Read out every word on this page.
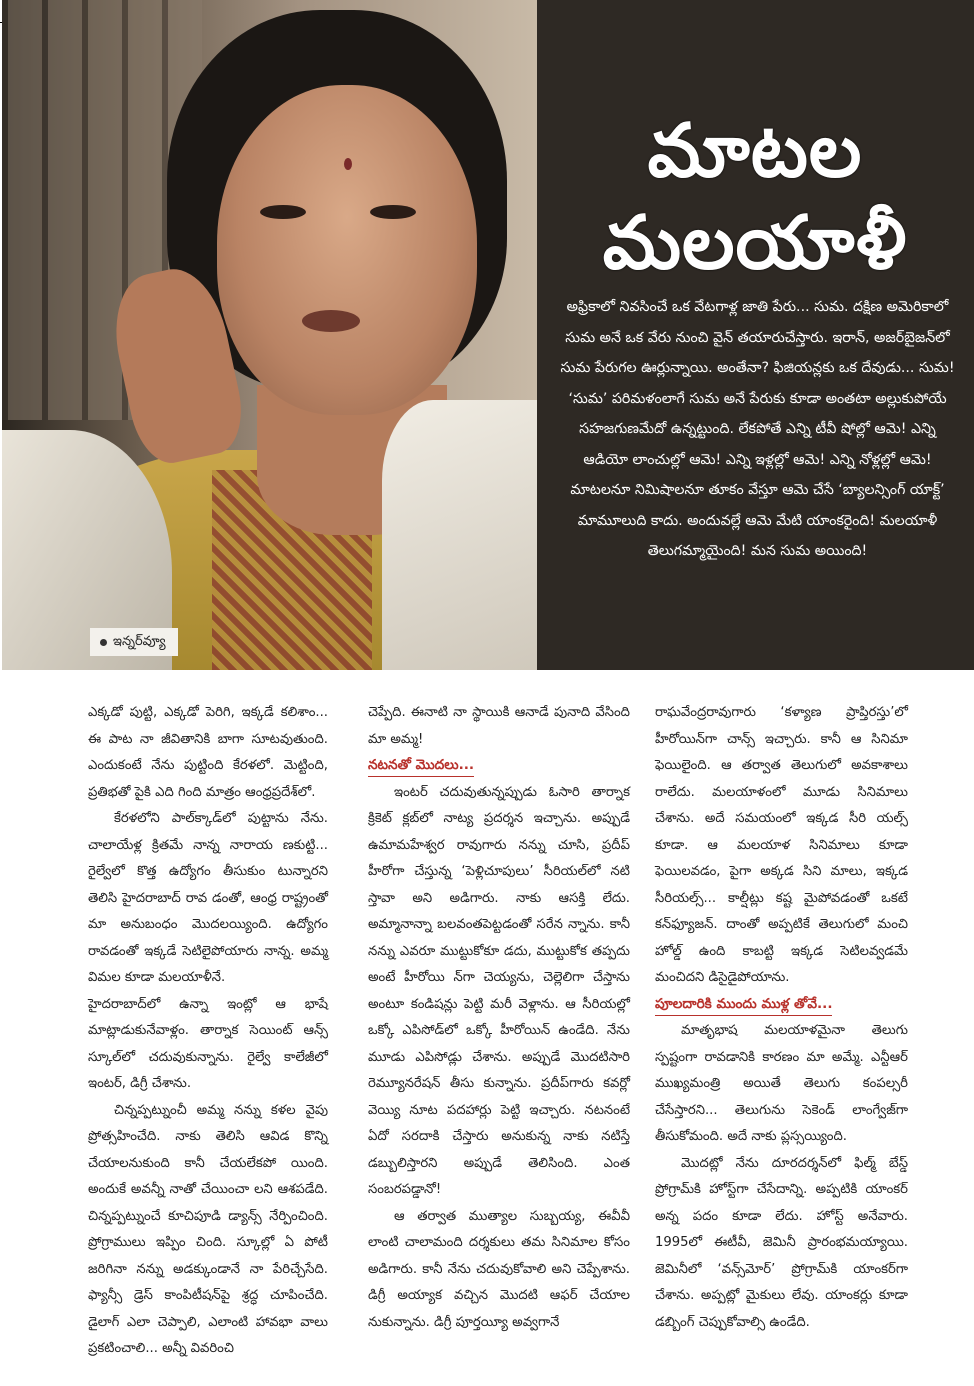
ఇన్నర్‌వ్యూ
మాటల
మలయాళీ

అఫ్రికాలో నివసించే ఒక వేటగాళ్ల జాతి పేరు... సుమ. దక్షిణ అమెరికాలో సుమ అనే ఒక వేరు నుంచి వైన్ తయారుచేస్తారు. ఇరాన్, అజర్‌బైజన్‌లో సుమ పేరుగల ఊర్లున్నాయి. అంతేనా? ఫిజియన్లకు ఒక దేవుడు... సుమ!

‘సుమ’ పరిమళంలాగే సుమ అనే పేరుకు కూడా అంతటా అల్లుకుపోయే సహజగుణమేదో ఉన్నట్టుంది. లేకపోతే ఎన్ని టీవీ షోల్లో ఆమె! ఎన్ని ఆడియో లాంచుల్లో ఆమె! ఎన్ని ఇళ్లల్లో ఆమె! ఎన్ని నోళ్లల్లో ఆమె! మాటలనూ నిమిషాలనూ తూకం వేస్తూ ఆమె చేసే ‘బ్యాలన్సింగ్ యాక్ట్’ మామూలుది కాదు. అందువల్లే ఆమె మేటి యాంకరైంది! మలయాళీ తెలుగమ్మాయైంది! మన సుమ అయింది!

ఎక్కడో పుట్టి, ఎక్కడో పెరిగి, ఇక్కడే కలిశాం... ఈ పాట నా జీవితానికి బాగా సూటవుతుంది. ఎందుకంటే నేను పుట్టింది కేరళలో. మెట్టింది, ప్రతిభతో పైకి ఎది గింది మాత్రం ఆంధ్రప్రదేశ్‌లో.

కేరళలోని పాల్‌క్కాడ్‌లో పుట్టాను నేను. చాలాయేళ్ల క్రితమే నాన్న నారాయ ణకుట్టి... రైల్వేలో కొత్త ఉద్యోగం తీసుకుం టున్నారని తెలిసి హైదరాబాద్ రావ డంతో, ఆంధ్ర రాష్ట్రంతో మా అనుబంధం మొదలయ్యింది. ఉద్యోగం రావడంతో ఇక్కడే సెటిలైపోయారు నాన్న. అమ్మ విమల కూడా మలయాళీనే.

హైదరాబాద్‌లో ఉన్నా ఇంట్లో ఆ భాషే మాట్లాడుకునేవాళ్లం. తార్నాక సెయింట్ ఆన్స్ స్కూల్‌లో చదువుకున్నాను. రైల్వే కాలేజీలో ఇంటర్, డిగ్రీ చేశాను.

చిన్నప్పట్నుంచీ అమ్మ నన్ను కళల వైపు ప్రోత్సహించేది. నాకు తెలిసి ఆవిడ కొన్ని చేయాలనుకుంది కానీ చేయలేకపో యింది. అందుకే అవన్నీ నాతో చేయించా లని ఆశపడేది. చిన్నప్పట్నుంచే కూచిపూడి డ్యాన్స్ నేర్పించింది. ప్రోగ్రాములు ఇప్పిం చింది. స్కూల్లో ఏ పోటీ జరిగినా నన్ను అడక్కుండానే నా పేరిచ్చేసేది. ఫ్యాన్సీ డ్రెస్ కాంపిటీషన్‌పై శ్రద్ధ చూపించేది. డైలాగ్ ఎలా చెప్పాలి, ఎలాంటి హావభా వాలు ప్రకటించాలి... అన్నీ వివరించి

చెప్పేది. ఈనాటి నా స్థాయికి ఆనాడే పునాది వేసింది మా అమ్మ!

నటనతో మొదలు...

ఇంటర్ చదువుతున్నప్పుడు ఓసారి తార్నాక క్రికెట్ క్లబ్‌లో నాట్య ప్రదర్శన ఇచ్చాను. అప్పుడే ఉమామహేశ్వర రావుగారు నన్ను చూసి, ప్రదీప్ హీరోగా చేస్తున్న ‘పెళ్లిచూపులు’ సీరియల్‌లో నటి స్తావా అని అడిగారు. నాకు ఆసక్తి లేదు. అమ్మానాన్నా బలవంతపెట్టడంతో సరేన న్నాను. కానీ నన్ను ఎవరూ ముట్టుకోకూ డదు, ముట్టుకోక తప్పదు అంటే హీరోయి న్‌గా చెయ్యను, చెల్లెలిగా చేస్తాను అంటూ కండిషన్లు పెట్టి మరీ వెళ్లాను. ఆ సీరియల్లో ఒక్కో ఎపిసోడ్‌లో ఒక్కో హీరోయిన్ ఉండేది. నేను మూడు ఎపిసోడ్లు చేశాను. అప్పుడే మొదటిసారి రెమ్యూనరేషన్ తీసు కున్నాను. ప్రదీప్‌గారు కవర్లో వెయ్యి నూట పదహార్లు పెట్టి ఇచ్చారు. నటనంటే ఏదో సరదాకి చేస్తారు అనుకున్న నాకు నటిస్తే డబ్బులిస్తారని అప్పుడే తెలిసింది. ఎంత సంబరపడ్డానో!

ఆ తర్వాత ముత్యాల సుబ్బయ్య, ఈవీవీ లాంటి చాలామంది దర్శకులు తమ సినిమాల కోసం అడిగారు. కానీ నేను చదువుకోవాలి అని చెప్పేశాను. డిగ్రీ అయ్యాక వచ్చిన మొదటి ఆఫర్ చేయాల నుకున్నాను. డిగ్రీ పూర్తయ్యీ అవ్వగానే

రాఘవేంద్రరావుగారు ‘కళ్యాణ ప్రాప్తిరస్తు’లో హీరోయిన్‌గా చాన్స్ ఇచ్చారు. కానీ ఆ సినిమా ఫెయిలైంది. ఆ తర్వాత తెలుగులో అవకాశాలు రాలేదు. మలయాళంలో మూడు సినిమాలు చేశాను. అదే సమయంలో ఇక్కడ సీరి యల్స్ కూడా. ఆ మలయాళ సినిమాలు కూడా ఫెయిలవడం, పైగా అక్కడ సిని మాలు, ఇక్కడ సీరియల్స్... కాల్షీట్లు కష్ట మైపోవడంతో ఒకటే కన్‌ఫ్యూజన్. దాంతో అప్పటికే తెలుగులో మంచి హోల్డ్ ఉంది కాబట్టి ఇక్కడ సెటిలవ్వడమే మంచిదని డిసైడైపోయాను.

పూలదారికి ముందు ముళ్ల తోవే...

మాతృభాష మలయాళమైనా తెలుగు స్పష్టంగా రావడానికి కారణం మా అమ్మే. ఎన్టీఆర్ ముఖ్యమంత్రి అయితే తెలుగు కంపల్సరీ చేసేస్తారని... తెలుగును సెకెండ్ లాంగ్వేజ్‌గా తీసుకోమంది. అదే నాకు ప్లస్సయ్యింది.

మొదట్లో నేను దూరదర్శన్‌లో ఫిల్మ్ బేస్డ్ ప్రోగ్రామ్‌కి హోస్ట్‌గా చేసేదాన్ని. అప్పటికి యాంకర్ అన్న పదం కూడా లేదు. హోస్ట్ అనేవారు. 1995లో ఈటీవీ, జెమినీ ప్రారంభమయ్యాయి. జెమినీలో ‘వన్స్‌మోర్’ ప్రోగ్రామ్‌కి యాంకర్‌గా చేశాను. అప్పట్లో మైకులు లేవు. యాంకర్లు కూడా డబ్బింగ్ చెప్పుకోవాల్సి ఉండేది.
